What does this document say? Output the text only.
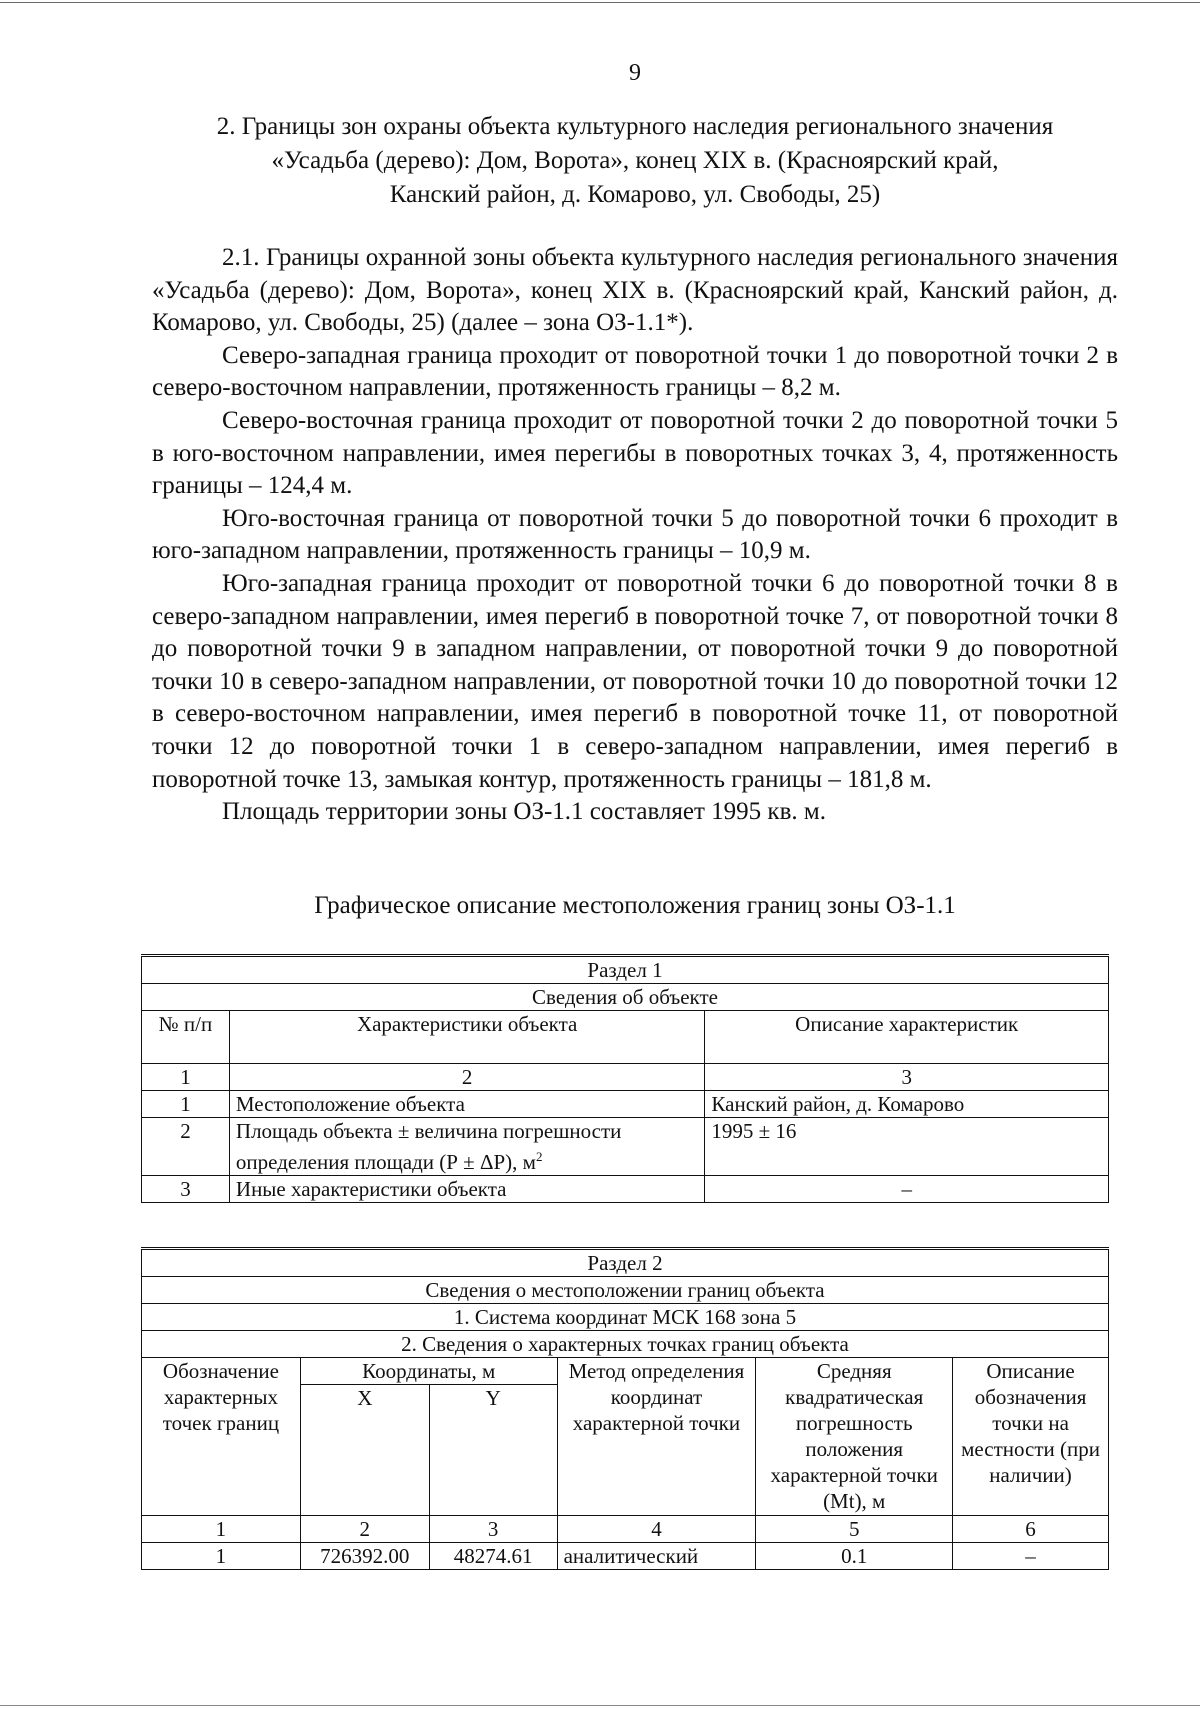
9
2. Границы зон охраны объекта культурного наследия регионального значения
«Усадьба (дерево): Дом, Ворота», конец XIX в. (Красноярский край,
Канский район, д. Комарово, ул. Свободы, 25)

2.1. Границы охранной зоны объекта культурного наследия регионального значения «Усадьба (дерево): Дом, Ворота», конец XIX в. (Красноярский край, Канский район, д. Комарово, ул. Свободы, 25) (далее – зона ОЗ-1.1*).

Северо-западная граница проходит от поворотной точки 1 до поворотной точки 2 в северо-восточном направлении, протяженность границы – 8,2 м.

Северо-восточная граница проходит от поворотной точки 2 до поворотной точки 5 в юго-восточном направлении, имея перегибы в поворотных точках 3, 4, протяженность границы – 124,4 м.

Юго-восточная граница от поворотной точки 5 до поворотной точки 6 проходит в юго-западном направлении, протяженность границы – 10,9 м.

Юго-западная граница проходит от поворотной точки 6 до поворотной точки 8 в северо-западном направлении, имея перегиб в поворотной точке 7, от поворотной точки 8 до поворотной точки 9 в западном направлении, от поворотной точки 9 до поворотной точки 10 в северо-западном направлении, от поворотной точки 10 до поворотной точки 12 в северо-восточном направлении, имея перегиб в поворотной точке 11, от поворотной точки 12 до поворотной точки 1 в северо-западном направлении, имея перегиб в поворотной точке 13, замыкая контур, протяженность границы – 181,8 м.

Площадь территории зоны ОЗ-1.1 составляет 1995 кв. м.

Графическое описание местоположения границ зоны ОЗ-1.1
Раздел 1		
Сведения об объекте		
№ п/п	Характеристики объекта	Описание характеристик
1	2	3
1	Местоположение объекта	Канский район, д. Комарово
2	Площадь объекта ± величина погрешности определения площади (Р ± ΔР), $м^2$	1995 ± 16
3	Иные характеристики объекта	–
Раздел 2					
Сведения о местоположении границ объекта					
1. Система координат МСК 168 зона 5					
2. Сведения о характерных точках границ объекта					
Обозначение характерных точек границ	Координаты, м		Метод определения координат характерной точки	Средняя квадратическая погрешность положения характерной точки (Mt), м	Описание обозначения точки на местности (при наличии)
	X	Y			
1	2	3	4	5	6
1	726392.00	48274.61	аналитический	0.1	–
